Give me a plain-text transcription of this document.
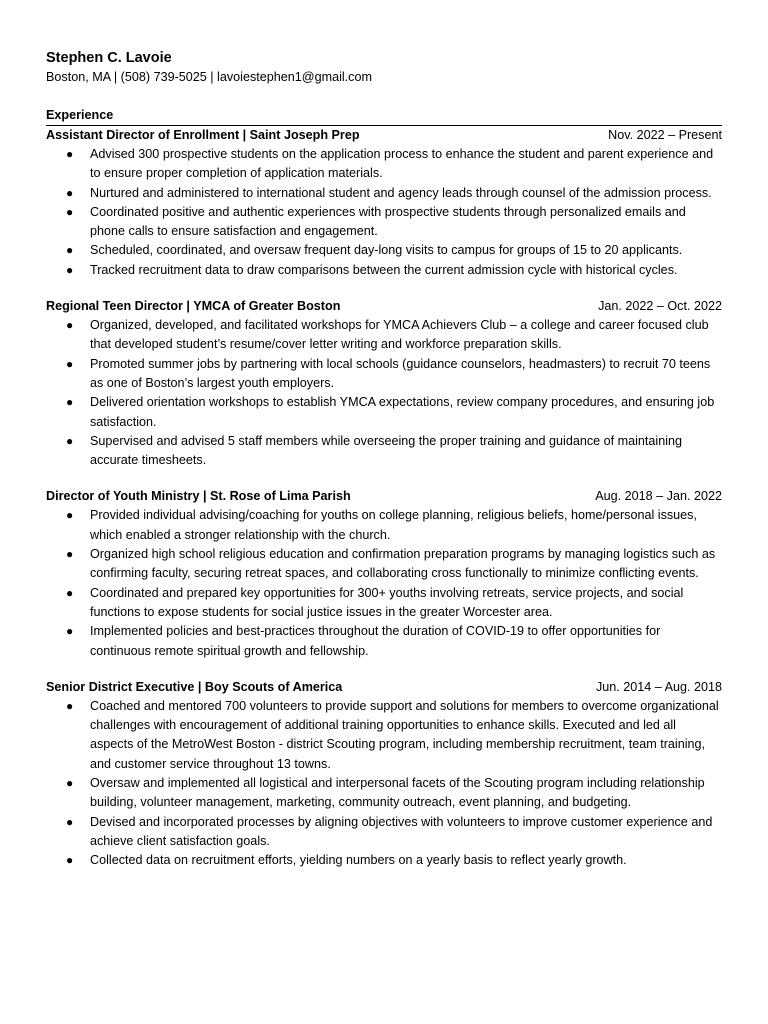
Stephen C. Lavoie
Boston, MA | (508) 739-5025 | lavoiestephen1@gmail.com
Experience
Assistant Director of Enrollment | Saint Joseph Prep	Nov. 2022 – Present
● Advised 300 prospective students on the application process to enhance the student and parent experience and to ensure proper completion of application materials.
● Nurtured and administered to international student and agency leads through counsel of the admission process.
● Coordinated positive and authentic experiences with prospective students through personalized emails and phone calls to ensure satisfaction and engagement.
● Scheduled, coordinated, and oversaw frequent day-long visits to campus for groups of 15 to 20 applicants.
● Tracked recruitment data to draw comparisons between the current admission cycle with historical cycles.
Regional Teen Director | YMCA of Greater Boston	Jan. 2022 – Oct. 2022
● Organized, developed, and facilitated workshops for YMCA Achievers Club – a college and career focused club that developed student’s resume/cover letter writing and workforce preparation skills.
● Promoted summer jobs by partnering with local schools (guidance counselors, headmasters) to recruit 70 teens as one of Boston’s largest youth employers.
● Delivered orientation workshops to establish YMCA expectations, review company procedures, and ensuring job satisfaction.
● Supervised and advised 5 staff members while overseeing the proper training and guidance of maintaining accurate timesheets.
Director of Youth Ministry | St. Rose of Lima Parish	Aug. 2018 – Jan. 2022
● Provided individual advising/coaching for youths on college planning, religious beliefs, home/personal issues, which enabled a stronger relationship with the church.
● Organized high school religious education and confirmation preparation programs by managing logistics such as confirming faculty, securing retreat spaces, and collaborating cross functionally to minimize conflicting events.
● Coordinated and prepared key opportunities for 300+ youths involving retreats, service projects, and social functions to expose students for social justice issues in the greater Worcester area.
● Implemented policies and best-practices throughout the duration of COVID-19 to offer opportunities for continuous remote spiritual growth and fellowship.
Senior District Executive | Boy Scouts of America	Jun. 2014 – Aug. 2018
● Coached and mentored 700 volunteers to provide support and solutions for members to overcome organizational challenges with encouragement of additional training opportunities to enhance skills. Executed and led all aspects of the MetroWest Boston - district Scouting program, including membership recruitment, team training, and customer service throughout 13 towns.
● Oversaw and implemented all logistical and interpersonal facets of the Scouting program including relationship building, volunteer management, marketing, community outreach, event planning, and budgeting.
● Devised and incorporated processes by aligning objectives with volunteers to improve customer experience and achieve client satisfaction goals.
● Collected data on recruitment efforts, yielding numbers on a yearly basis to reflect yearly growth.
